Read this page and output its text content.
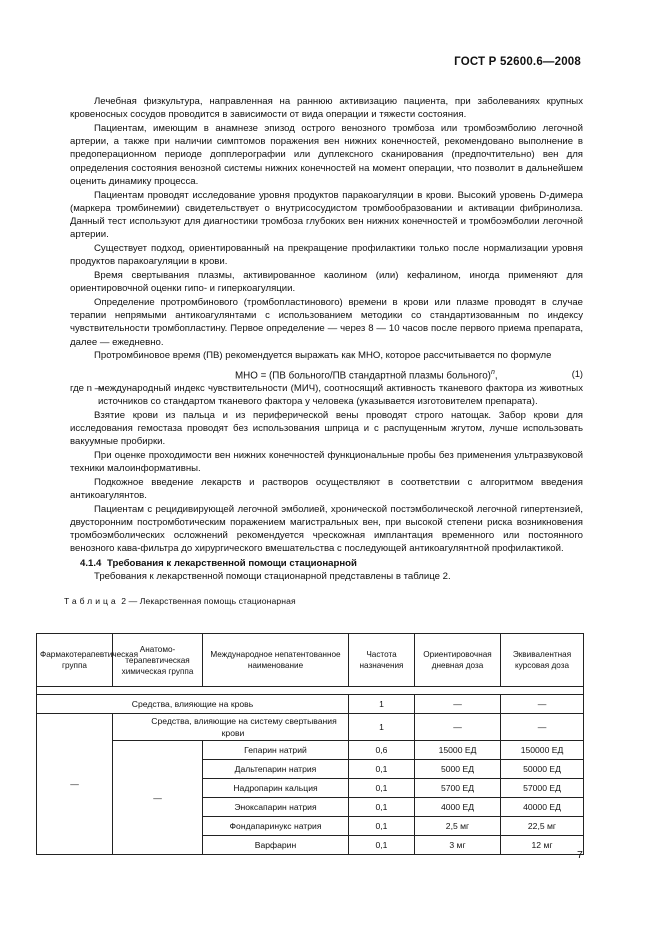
ГОСТ Р 52600.6—2008

Лечебная физкультура, направленная на раннюю активизацию пациента, при заболеваниях крупных кровеносных сосудов проводится в зависимости от вида операции и тяжести состояния.

Пациентам, имеющим в анамнезе эпизод острого венозного тромбоза или тромбоэмболию легочной артерии, а также при наличии симптомов поражения вен нижних конечностей, рекомендовано выполнение в предоперационном периоде допплерографии или дуплексного сканирования (предпочтительно) вен для определения состояния венозной системы нижних конечностей на момент операции, что позволит в дальнейшем оценить динамику процесса.

Пациентам проводят исследование уровня продуктов паракоагуляции в крови. Высокий уровень D-димера (маркера тромбинемии) свидетельствует о внутрисосудистом тромбообразовании и активации фибринолиза. Данный тест используют для диагностики тромбоза глубоких вен нижних конечностей и тромбоэмболии легочной артерии.

Существует подход, ориентированный на прекращение профилактики только после нормализации уровня продуктов паракоагуляции в крови.

Время свертывания плазмы, активированное каолином (или) кефалином, иногда применяют для ориентировочной оценки гипо- и гиперкоагуляции.

Определение протромбинового (тромбопластинового) времени в крови или плазме проводят в случае терапии непрямыми антикоагулянтами с иcпользованием методики со стандартизованным по индексу чувствительности тромбопластину. Первое определение — через 8 — 10 часов после первого приема препарата, далее — ежедневно.

Протромбиновое время (ПВ) рекомендуется выражать как МНО, которое рассчитывается по формуле

МНО = (ПВ больного/ПВ стандартной плазмы больного)$^n$,	(1)
где n —
международный индекс чувствительности (МИЧ), соотносящий активность тканевого фактора из животных источников со стандартом тканевого фактора у человека (указывается изготовителем препарата).

Взятие крови из пальца и из периферической вены проводят строго натощак. Забор крови для исследования гемостаза проводят без использования шприца и с распущенным жгутом, лучше использовать вакуумные пробирки.

При оценке проходимости вен нижних конечностей функциональные пробы без применения ультразвуковой техники малоинформативны.

Подкожное введение лекарств и растворов осуществляют в соответствии с алгоритмом введения антикоагулянтов.

Пациентам с рецидивирующей легочной эмболией, хронической постэмболической легочной гипертензией, двусторонним постромботическим поражением магистральных вен, при высокой степени риска возникновения тромбоэмболических осложнений рекомендуется чрескожная имплантация временного или постоянного венозного кава-фильтра до хирургического вмешательства с последующей антикоагулянтной профилактикой.

4.1.4 Требования к лекарственной помощи стационарной

Требования к лекарственной помощи стационарной представлены в таблице 2.

Таблица 2 — Лекарственная помощь стационарная
Фармакотерапевтическая группа	Анатомо-терапевтическая химическая группа	Международное непатентованное наименование	Частота назначения	Ориентировочная дневная доза	Эквивалентная курсовая доза

Средства, влияющие на кровь			1	—	—
—	Средства, влияющие на систему свертывания крови		1	—	—
	—	Гепарин натрий	0,6	15000 ЕД	150000 ЕД
		Дальтепарин натрия	0,1	5000 ЕД	50000 ЕД
		Надропарин кальция	0,1	5700 ЕД	57000 ЕД
		Эноксапарин натрия	0,1	4000 ЕД	40000 ЕД
		Фондапаринукс натрия	0,1	2,5 мг	22,5 мг
		Варфарин	0,1	3 мг	12 мг
7
